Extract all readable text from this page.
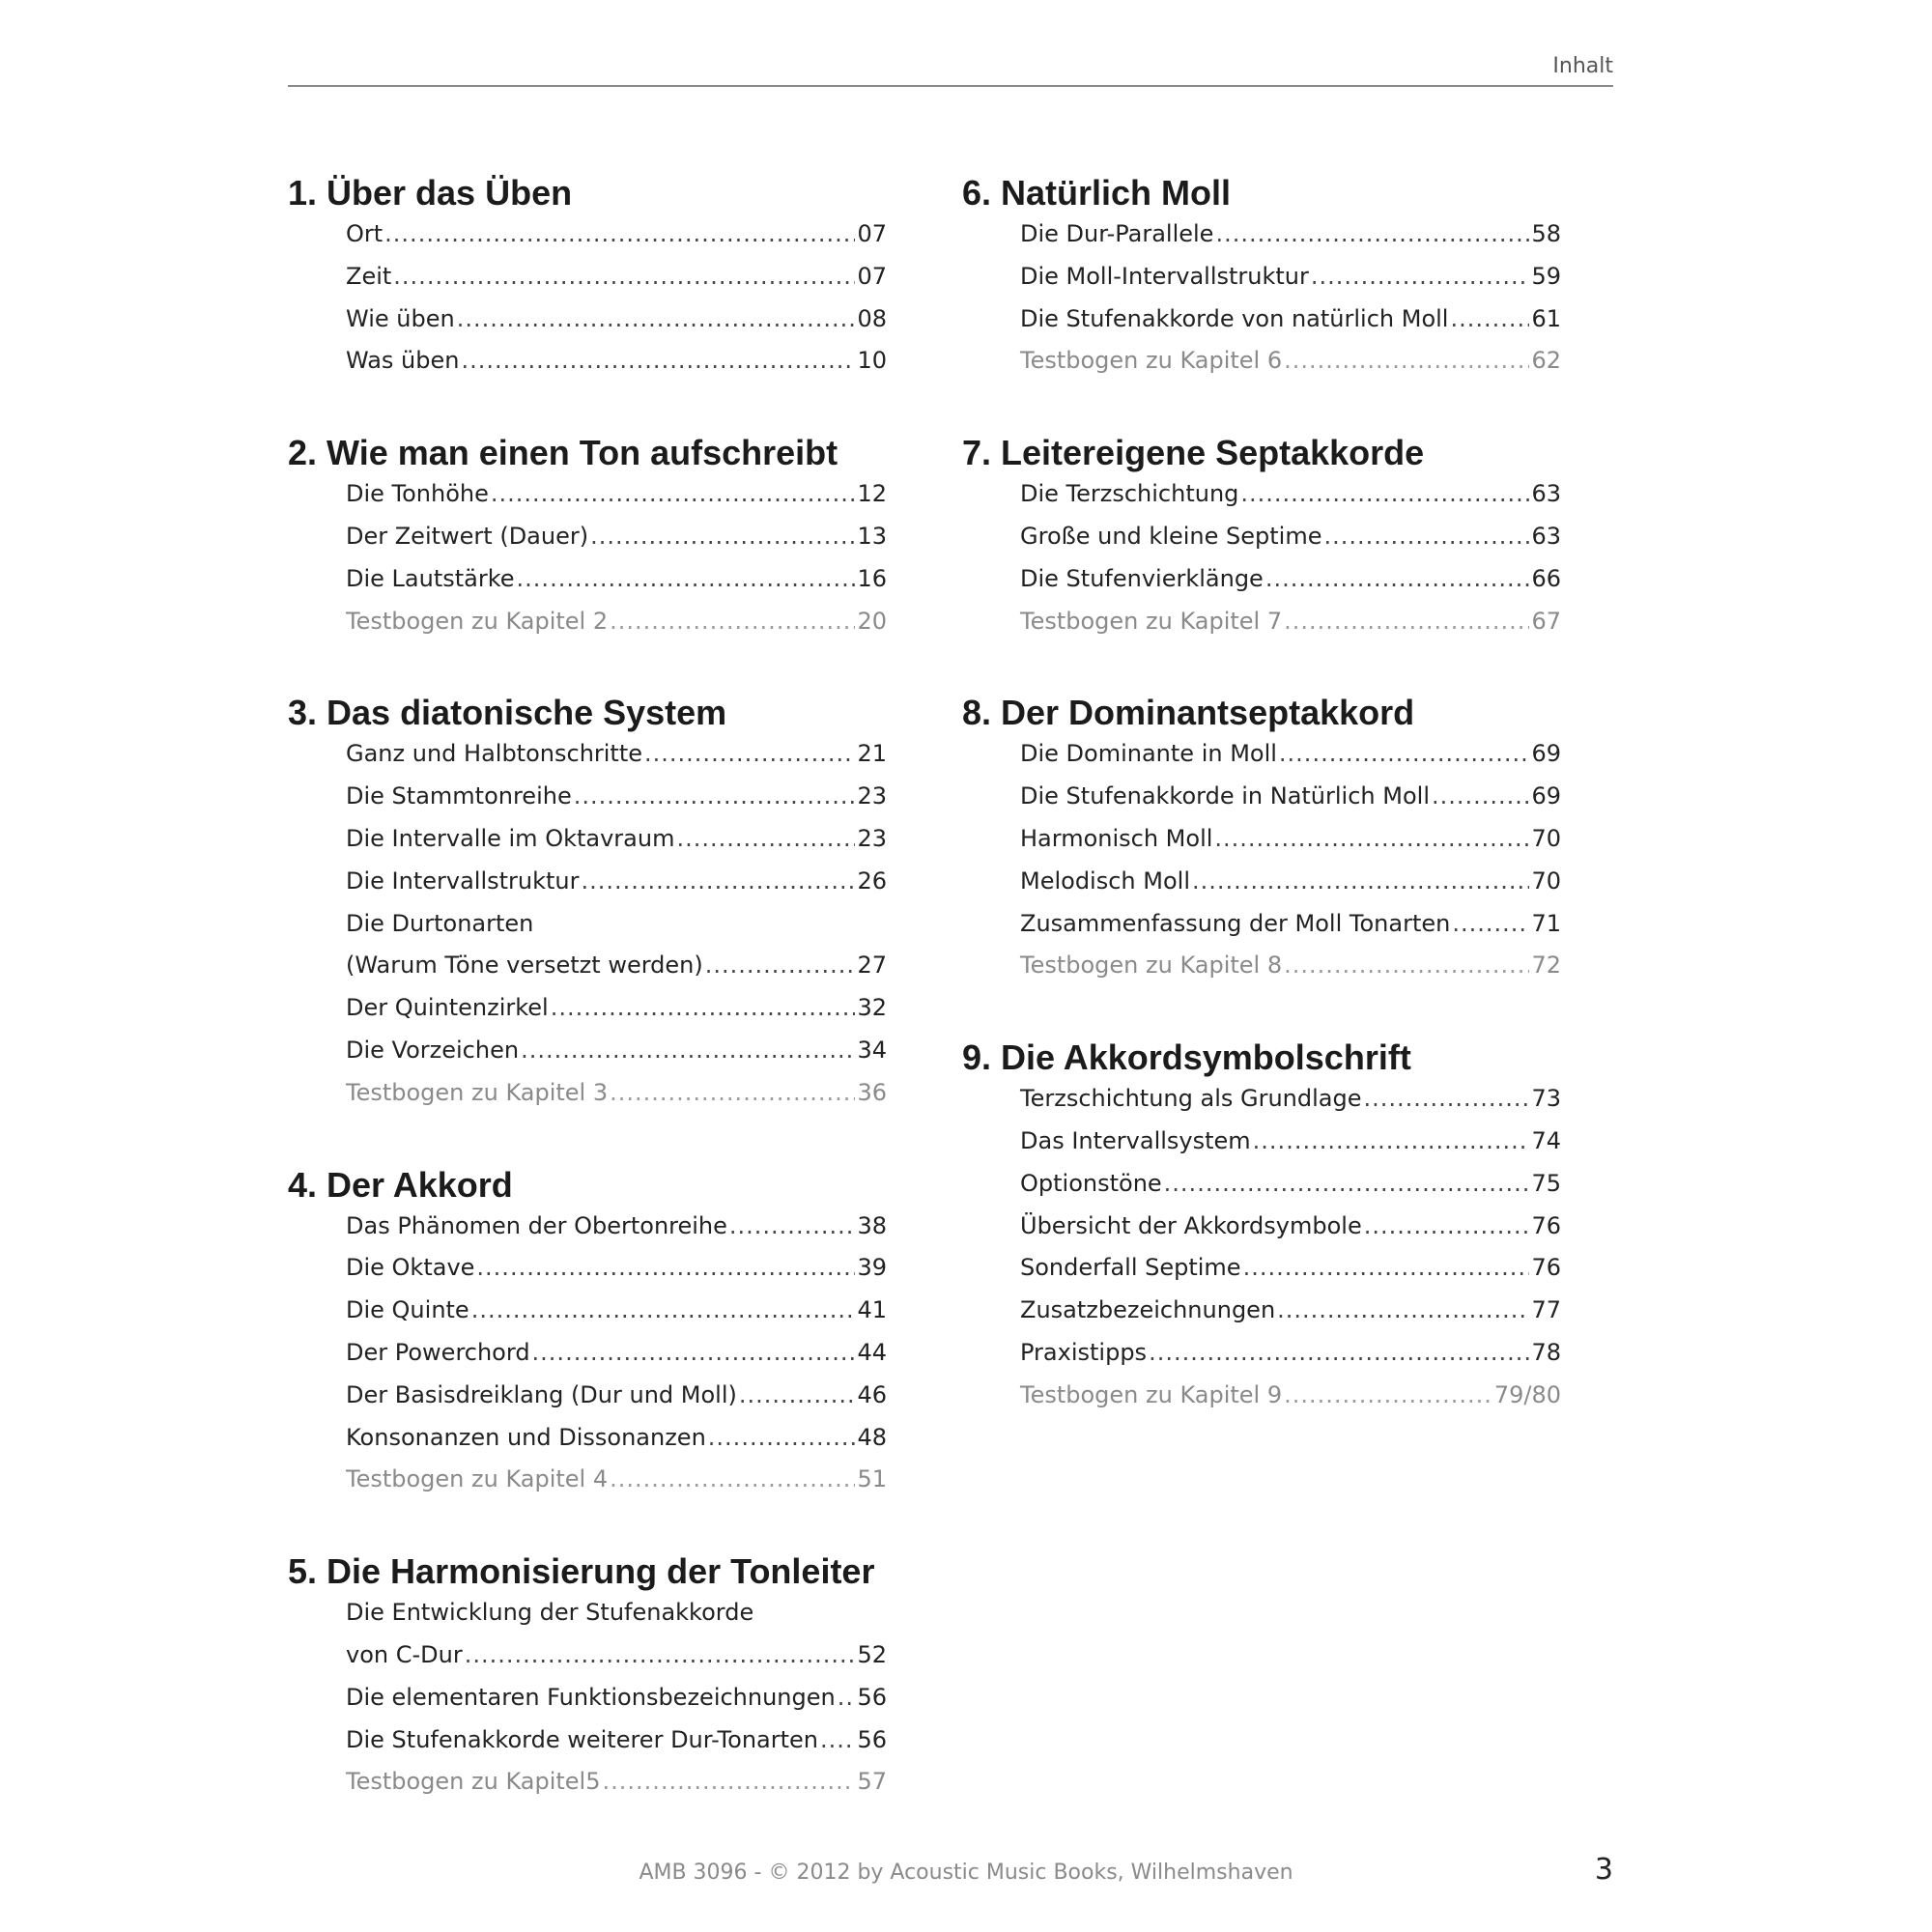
Inhalt
1. Über das Üben
Ort .....	07
Zeit .....	07
Wie üben .....	08
Was üben .....	10
2. Wie man einen Ton aufschreibt
Die Tonhöhe .....	12
Der Zeitwert (Dauer) .....	13
Die Lautstärke .....	16
Testbogen zu Kapitel 2 .....	20
3. Das diatonische System
Ganz und Halbtonschritte .....	21
Die Stammtonreihe .....	23
Die Intervalle im Oktavraum .....	23
Die Intervallstruktur .....	26
Die Durtonarten
(Warum Töne versetzt werden) .....	27
Der Quintenzirkel .....	32
Die Vorzeichen .....	34
Testbogen zu Kapitel 3 .....	36
4. Der Akkord
Das Phänomen der Obertonreihe .....	38
Die Oktave .....	39
Die Quinte .....	41
Der Powerchord .....	44
Der Basisdreiklang (Dur und Moll) .....	46
Konsonanzen und Dissonanzen .....	48
Testbogen zu Kapitel 4 .....	51
5. Die Harmonisierung der Tonleiter
Die Entwicklung der Stufenakkorde
von C-Dur .....	52
Die elementaren Funktionsbezeichnungen ..... 56
Die Stufenakkorde weiterer Dur-Tonarten ..... 56
Testbogen zu Kapitel5 .....	57
6. Natürlich Moll
Die Dur-Parallele .....	58
Die Moll-Intervallstruktur .....	59
Die Stufenakkorde von natürlich Moll .....	61
Testbogen zu Kapitel 6 .....	62
7. Leitereigene Septakkorde
Die Terzschichtung .....	63
Große und kleine Septime .....	63
Die Stufenvierklänge .....	66
Testbogen zu Kapitel 7 .....	67
8. Der Dominantseptakkord
Die Dominante in Moll .....	69
Die Stufenakkorde in Natürlich Moll .....	69
Harmonisch Moll .....	70
Melodisch Moll .....	70
Zusammenfassung der Moll Tonarten .....	71
Testbogen zu Kapitel 8 .....	72
9. Die Akkordsymbolschrift
Terzschichtung als Grundlage .....	73
Das Intervallsystem .....	74
Optionstöne .....	75
Übersicht der Akkordsymbole .....	76
Sonderfall Septime .....	76
Zusatzbezeichnungen .....	77
Praxistipps .....	78
Testbogen zu Kapitel 9 .....	79/80
AMB 3096 - © 2012 by Acoustic Music Books, Wilhelmshaven	3
